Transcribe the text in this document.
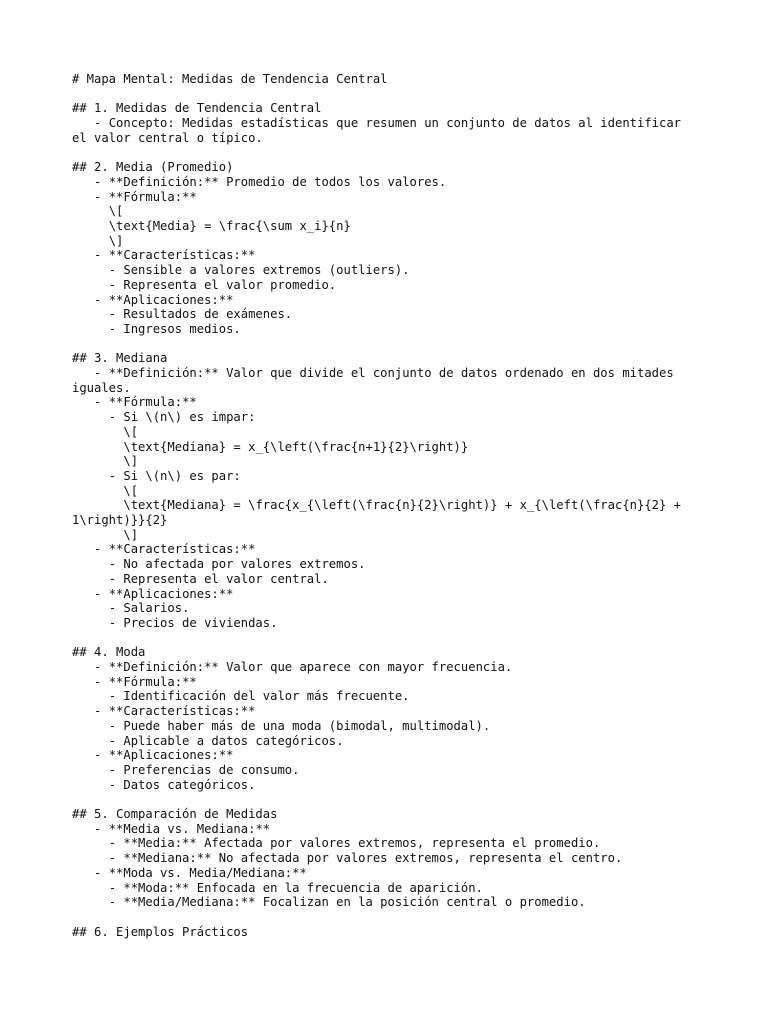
# Mapa Mental: Medidas de Tendencia Central
## 1. Medidas de Tendencia Central
- Concepto: Medidas estadísticas que resumen un conjunto de datos al identificar el valor central o típico.
## 2. Media (Promedio)
- **Definición:** Promedio de todos los valores.
- **Fórmula:**
\[
\text{Media} = \frac{\sum x_i}{n}
\]
- **Características:**
- Sensible a valores extremos (outliers).
- Representa el valor promedio.
- **Aplicaciones:**
- Resultados de exámenes.
- Ingresos medios.
## 3. Mediana
- **Definición:** Valor que divide el conjunto de datos ordenado en dos mitades iguales.
- **Fórmula:**
- Si \(n\) es impar:
\[
\text{Mediana} = x_{\left(\frac{n+1}{2}\right)}
\]
- Si \(n\) es par:
\[
\text{Mediana} = \frac{x_{\left(\frac{n}{2}\right)} + x_{\left(\frac{n}{2} + 1\right)}}{2}
\]
- **Características:**
- No afectada por valores extremos.
- Representa el valor central.
- **Aplicaciones:**
- Salarios.
- Precios de viviendas.
## 4. Moda
- **Definición:** Valor que aparece con mayor frecuencia.
- **Fórmula:**
- Identificación del valor más frecuente.
- **Características:**
- Puede haber más de una moda (bimodal, multimodal).
- Aplicable a datos categóricos.
- **Aplicaciones:**
- Preferencias de consumo.
- Datos categóricos.
## 5. Comparación de Medidas
- **Media vs. Mediana:**
- **Media:** Afectada por valores extremos, representa el promedio.
- **Mediana:** No afectada por valores extremos, representa el centro.
- **Moda vs. Media/Mediana:**
- **Moda:** Enfocada en la frecuencia de aparición.
- **Media/Mediana:** Focalizan en la posición central o promedio.
## 6. Ejemplos Prácticos
